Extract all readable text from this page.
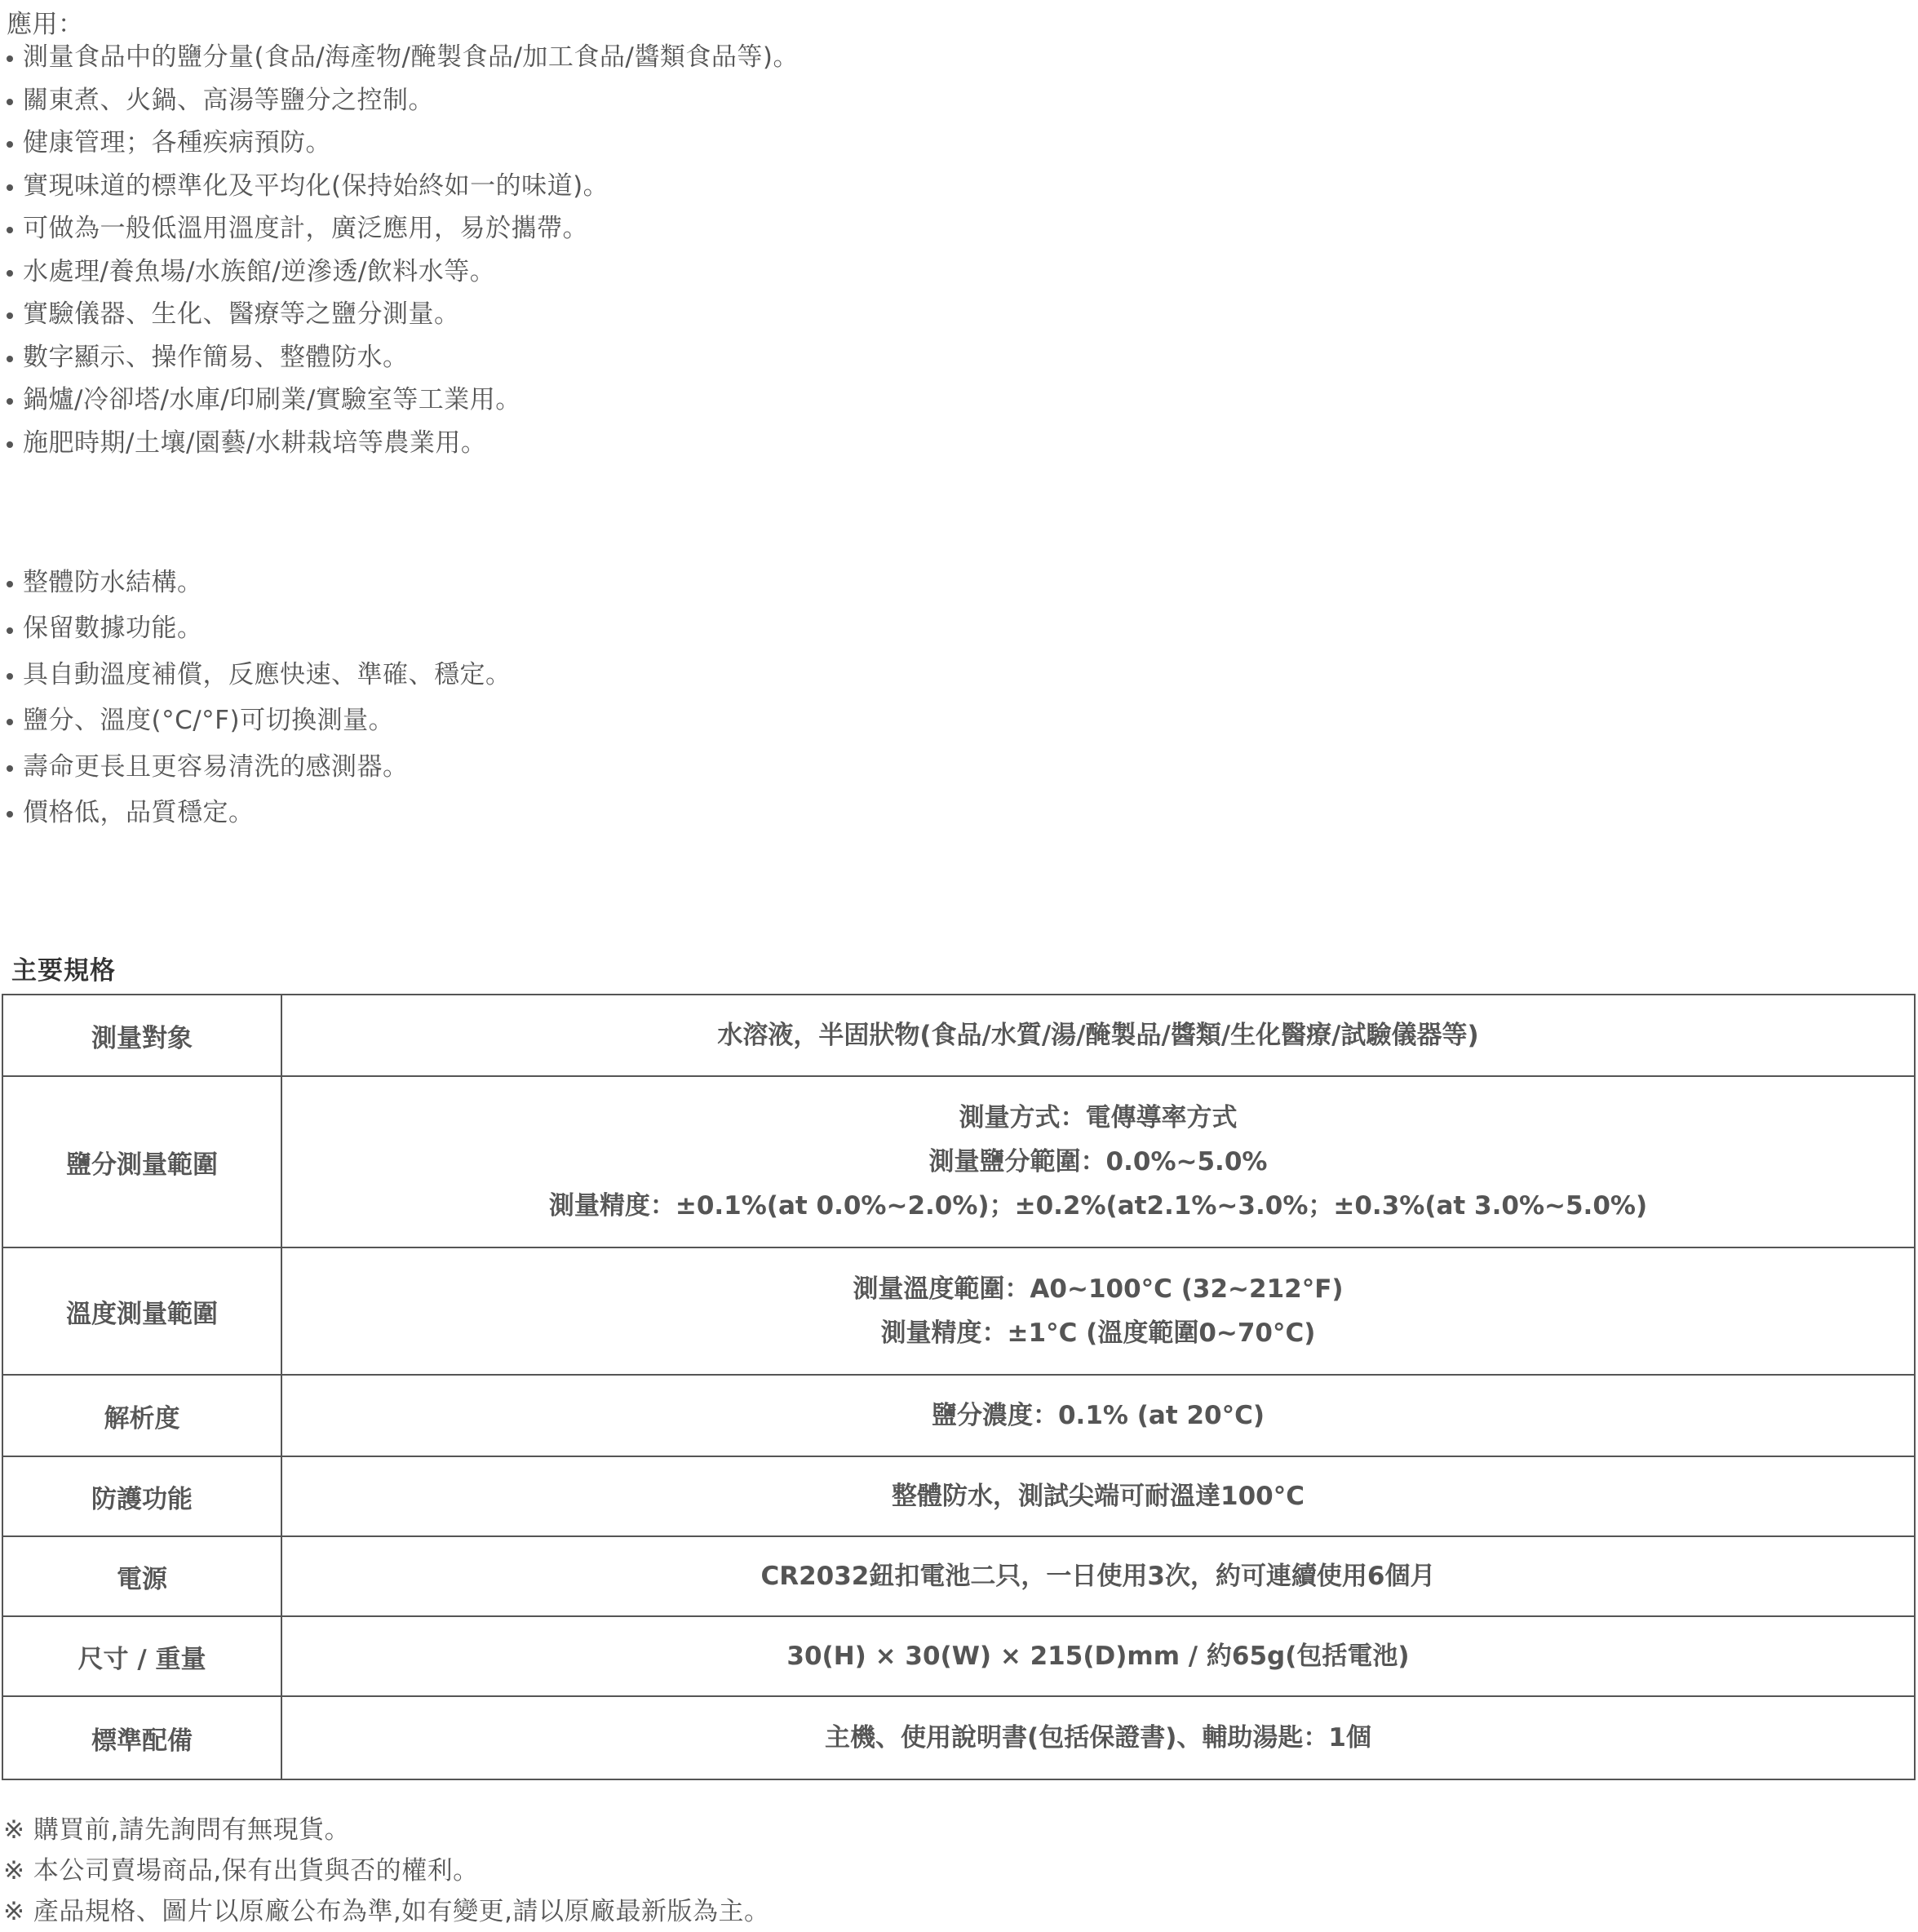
應用：
測量食品中的鹽分量(食品/海產物/醃製食品/加工食品/醬類食品等)。
關東煮、火鍋、高湯等鹽分之控制。
健康管理；各種疾病預防。
實現味道的標準化及平均化(保持始終如一的味道)。
可做為一般低溫用溫度計，廣泛應用，易於攜帶。
水處理/養魚場/水族館/逆滲透/飲料水等。
實驗儀器、生化、醫療等之鹽分測量。
數字顯示、操作簡易、整體防水。
鍋爐/冷卻塔/水庫/印刷業/實驗室等工業用。
施肥時期/土壤/園藝/水耕栽培等農業用。
整體防水結構。
保留數據功能。
具自動溫度補償，反應快速、準確、穩定。
鹽分、溫度(°C/°F)可切換測量。
壽命更長且更容易清洗的感測器。
價格低，品質穩定。
主要規格
測量對象	水溶液，半固狀物(食品/水質/湯/醃製品/醬類/生化醫療/試驗儀器等)

鹽分測量範圍	測量方式：電傳導率方式
測量鹽分範圍：0.0%~5.0%
測量精度：±0.1%(at 0.0%~2.0%)；±0.2%(at2.1%~3.0%；±0.3%(at 3.0%~5.0%)

溫度測量範圍	測量溫度範圍：A0~100°C (32~212°F)
測量精度：±1°C (溫度範圍0~70°C)

解析度	鹽分濃度：0.1% (at 20°C)

防護功能	整體防水，測試尖端可耐溫達100°C

電源	CR2032鈕扣電池二只，一日使用3次，約可連續使用6個月

尺寸 / 重量	30(H) × 30(W) × 215(D)mm / 約65g(包括電池)

標準配備	主機、使用說明書(包括保證書)、輔助湯匙：1個
※ 購買前,請先詢問有無現貨。
※ 本公司賣場商品,保有出貨與否的權利。
※ 產品規格、圖片以原廠公布為準,如有變更,請以原廠最新版為主。
